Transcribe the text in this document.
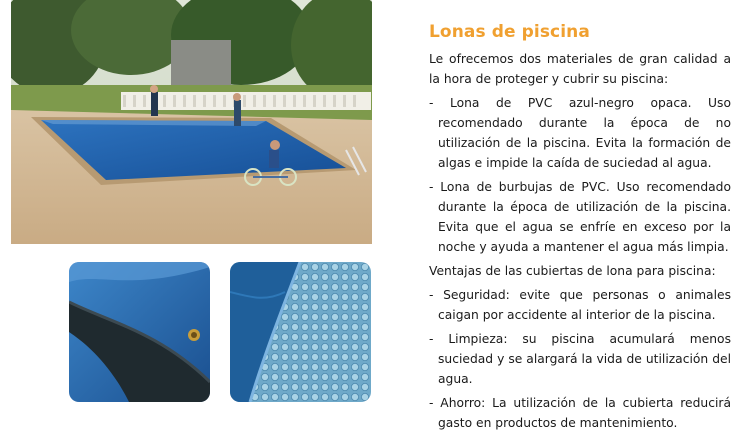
Lonas de piscina

Le ofrecemos dos materiales de gran calidad a la hora de proteger y cubrir su piscina:

- Lona de PVC azul-negro opaca. Uso recomendado durante la época de no utilización de la piscina. Evita la formación de algas e impide la caída de suciedad al agua.
- Lona de burbujas de PVC. Uso recomendado durante la época de utilización de la piscina. Evita que el agua se enfríe en exceso por la noche y ayuda a mantener el agua más limpia.

Ventajas de las cubiertas de lona para piscina:

- Seguridad: evite que personas o animales caigan por accidente al interior de la piscina.
- Limpieza: su piscina acumulará menos suciedad y se alargará la vida de utilización del agua.
- Ahorro: La utilización de la cubierta reducirá gasto en productos de mantenimiento.
